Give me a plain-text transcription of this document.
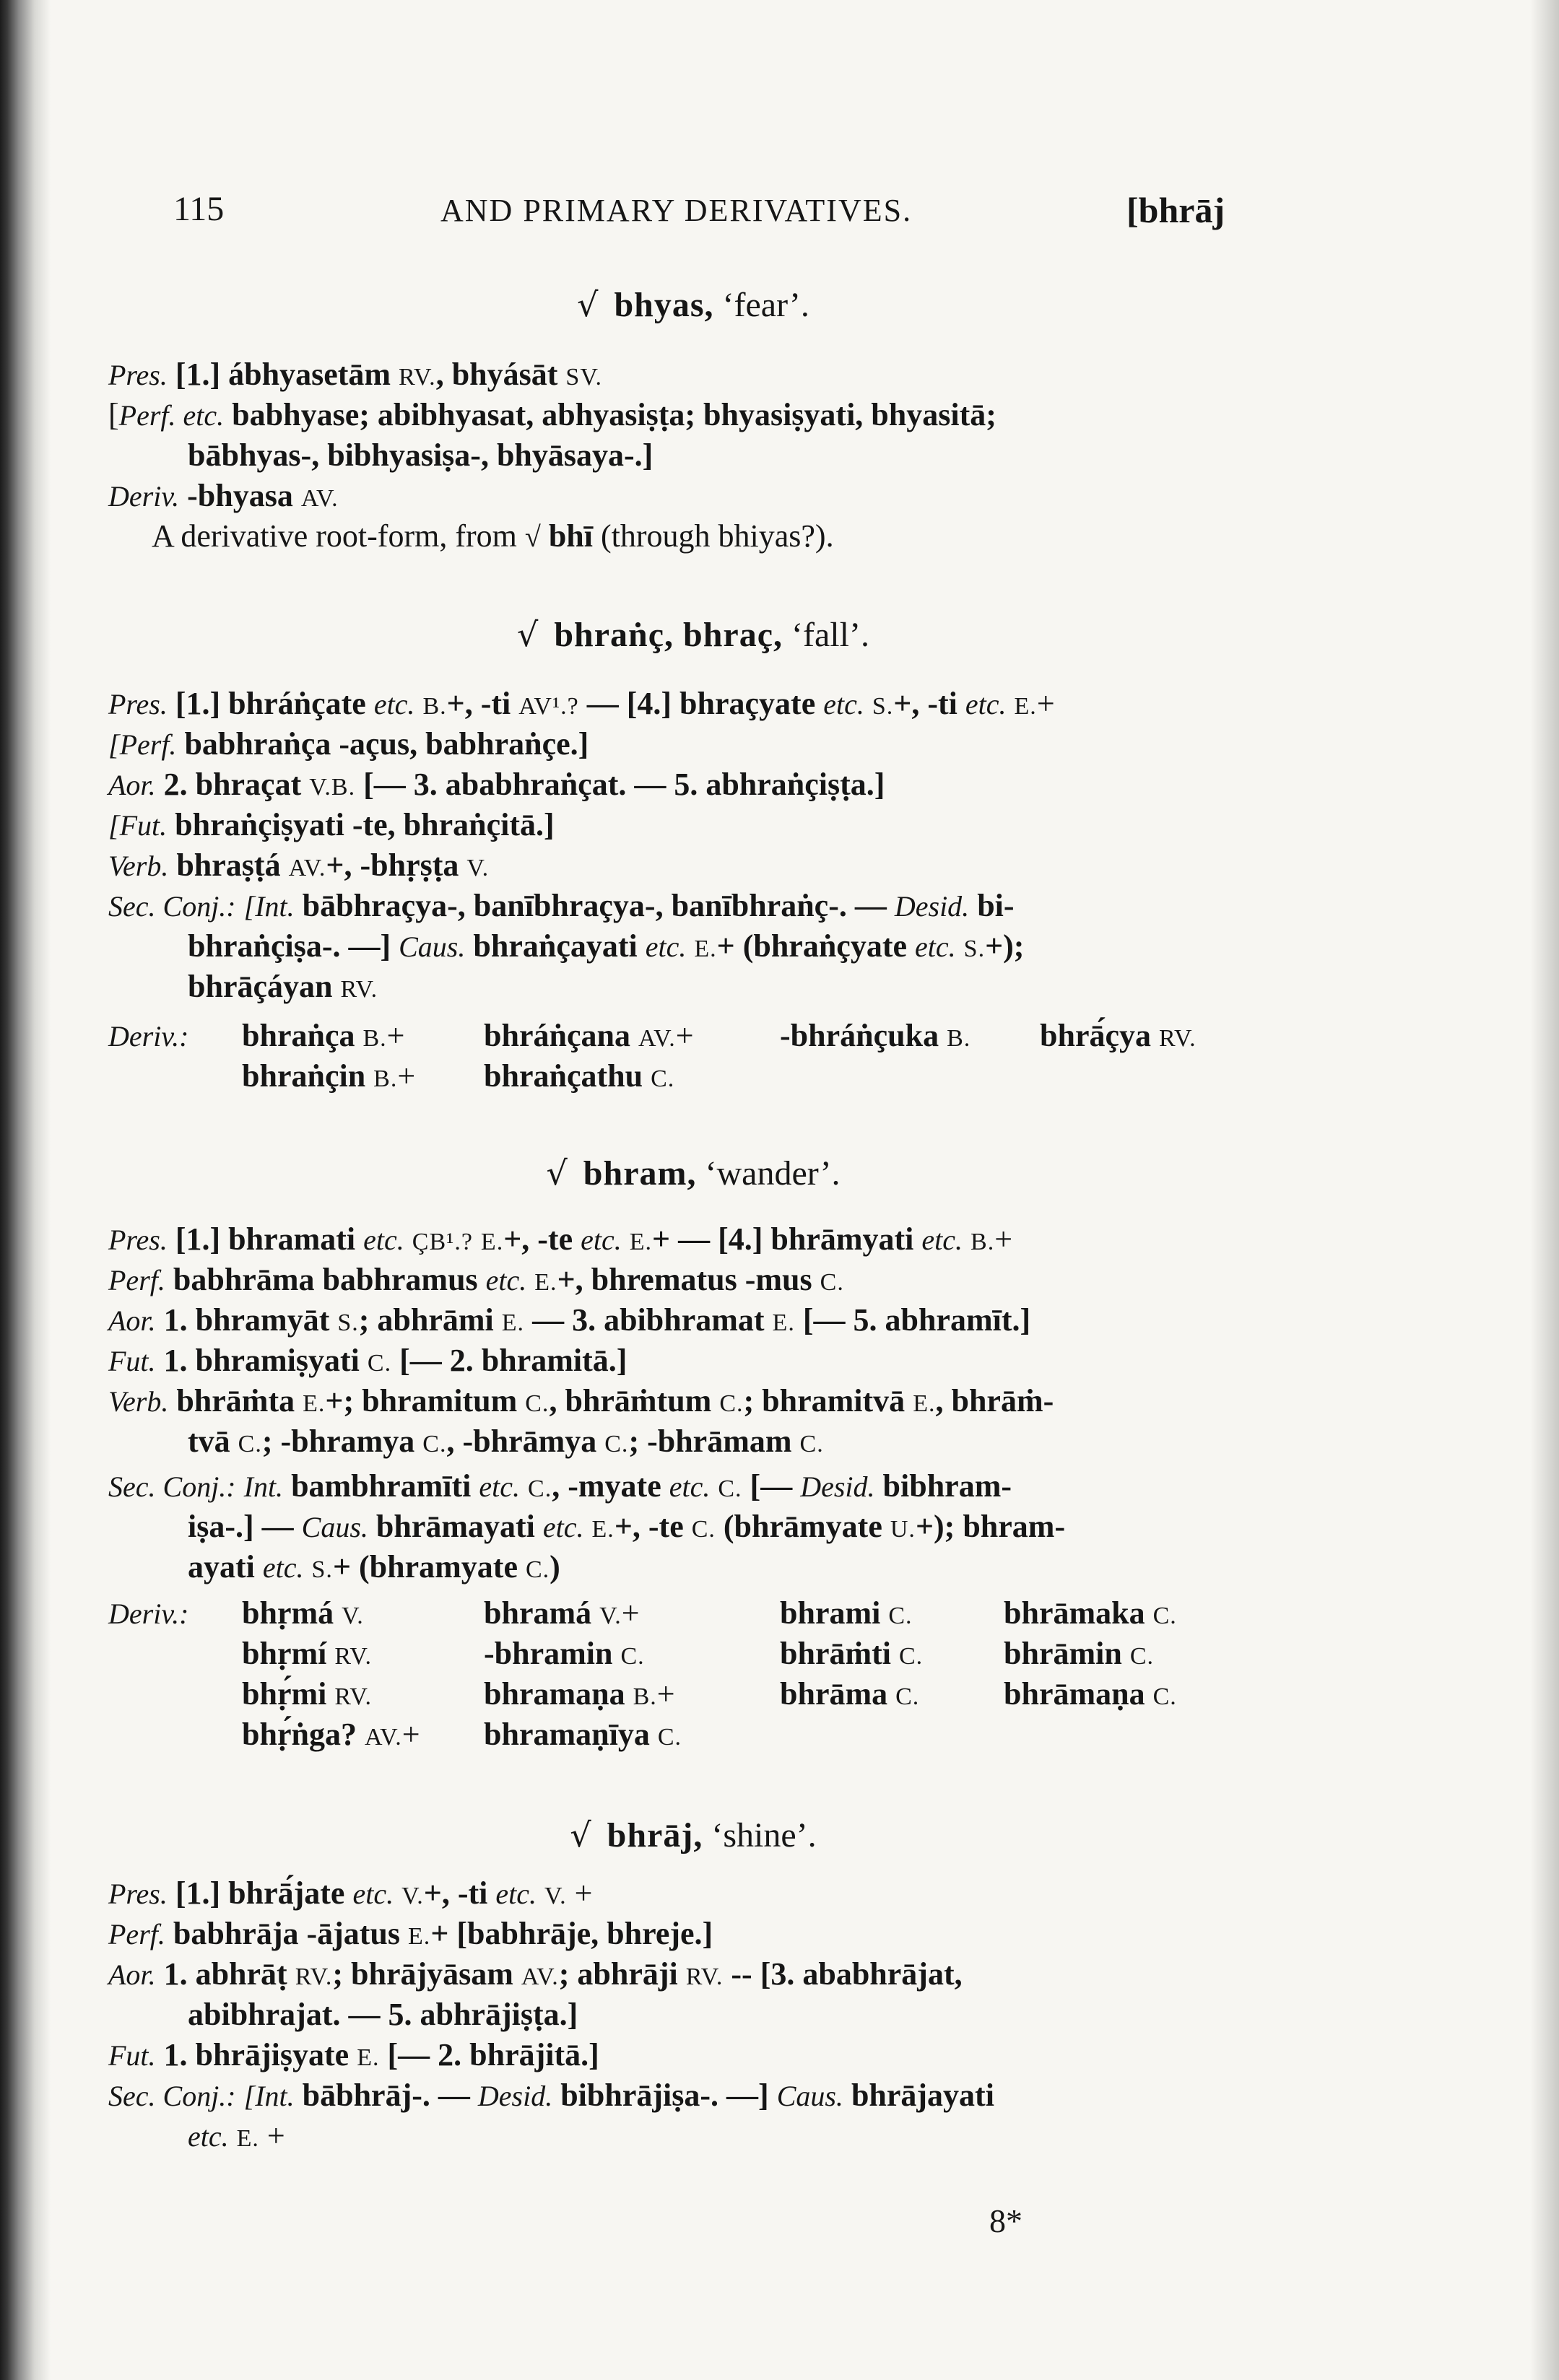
115	AND PRIMARY DERIVATIVES.	[bhrāj
√ bhyas, ‘fear’.
Pres. [1.] ábhyasetām RV., bhyásāt SV.
[Perf. etc. babhyase; abibhyasat, abhyasiṣṭa; bhyasiṣyati, bhyasitā;
bābhyas-, bibhyasiṣa-, bhyāsaya-.]
Deriv. -bhyasa AV.
A derivative root-form, from √ bhī (through bhiyas?).
√ bhraṅç, bhraç, ‘fall’.
Pres. [1.] bhráṅçate etc. B.+, -ti AV¹.? — [4.] bhraçyate etc. S.+, -ti etc. E.+
[Perf. babhraṅça -açus, babhraṅçe.]
Aor. 2. bhraçat V.B. [— 3. ababhraṅçat. — 5. abhraṅçiṣṭa.]
[Fut. bhraṅçiṣyati -te, bhraṅçitā.]
Verb. bhraṣṭá AV.+, -bhṛṣṭa V.
Sec. Conj.: [Int. bābhraçya-, banībhraçya-, banībhraṅç-. — Desid. bi-
bhraṅçiṣa-. —] Caus. bhraṅçayati etc. E.+ (bhraṅçyate etc. S.+);
bhrāçáyan RV.
Deriv.: bhraṅça B.+ bhráṅçana AV.+	-bhráṅçuka B. bhrā́çya RV.
bhraṅçin B.+ bhraṅçathu C.
√ bhram, ‘wander’.
Pres. [1.] bhramati etc. ÇB¹.? E.+, -te etc. E.+ — [4.] bhrāmyati etc. B.+
Perf. babhrāma babhramus etc. E.+, bhrematus -mus C.
Aor. 1. bhramyāt S.; abhrāmi E. — 3. abibhramat E. [— 5. abhramīt.]
Fut. 1. bhramiṣyati C. [— 2. bhramitā.]
Verb. bhrāṁta E.+; bhramitum C., bhrāṁtum C.; bhramitvā E., bhrāṁ-
tvā C.; -bhramya C., -bhrāmya C.; -bhrāmam C.
Sec. Conj.: Int. bambhramīti etc. C., -myate etc. C. [— Desid. bibhram-
iṣa-.] — Caus. bhrāmayati etc. E.+, -te C. (bhrāmyate U.+); bhram-
ayati etc. S.+ (bhramyate C.)
Deriv.: bhṛmá V.	bhramá V.+	bhrami C.	bhrāmaka C.
bhṛmí RV.	-bhramin C.	bhrāṁti C.	bhrāmin C.
bhṛ́mi RV.	bhramaṇa B.+	bhrāma C.	bhrāmaṇa C.
bhṛ́ṅga? AV.+ bhramaṇīya C.
√ bhrāj, ‘shine’.
Pres. [1.] bhrā́jate etc. V.+, -ti etc. V. +
Perf. babhrāja -ājatus E.+ [babhrāje, bhreje.]
Aor. 1. abhrāṭ RV.; bhrājyāsam AV.; abhrāji RV. -- [3. ababhrājat,
abibhrajat. — 5. abhrājiṣṭa.]
Fut. 1. bhrājiṣyate E. [— 2. bhrājitā.]
Sec. Conj.: [Int. bābhrāj-. — Desid. bibhrājiṣa-. —] Caus. bhrājayati
etc. E. +
8*
